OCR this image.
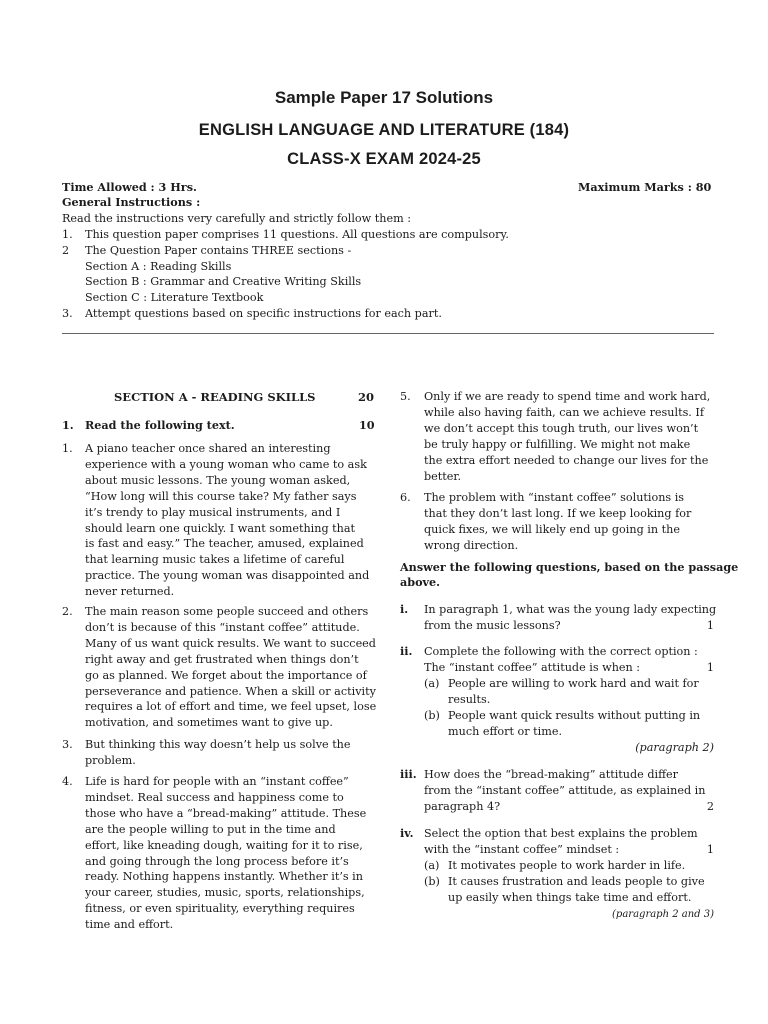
Sample Paper 17 Solutions
ENGLISH LANGUAGE AND LITERATURE (184)
CLASS-X EXAM 2024-25
Time Allowed : 3 Hrs.	Maximum Marks : 80
General Instructions :
Read the instructions very carefully and strictly follow them :
1. This question paper comprises 11 questions. All questions are compulsory.
2 The Question Paper contains THREE sections -
Section A : Reading Skills
Section B : Grammar and Creative Writing Skills
Section C : Literature Textbook
3. Attempt questions based on specific instructions for each part.
SECTION A - READING SKILLS	20
1. Read the following text.	10
1. A piano teacher once shared an interesting
experience with a young woman who came to ask
about music lessons. The young woman asked,
“How long will this course take? My father says
it’s trendy to play musical instruments, and I
should learn one quickly. I want something that
is fast and easy.” The teacher, amused, explained
that learning music takes a lifetime of careful
practice. The young woman was disappointed and
never returned.
2. The main reason some people succeed and others
don’t is because of this “instant coffee” attitude.
Many of us want quick results. We want to succeed
right away and get frustrated when things don’t
go as planned. We forget about the importance of
perseverance and patience. When a skill or activity
requires a lot of effort and time, we feel upset, lose
motivation, and sometimes want to give up.
3. But thinking this way doesn’t help us solve the
problem.
4. Life is hard for people with an “instant coffee”
mindset. Real success and happiness come to
those who have a “bread-making” attitude. These
are the people willing to put in the time and
effort, like kneading dough, waiting for it to rise,
and going through the long process before it’s
ready. Nothing happens instantly. Whether it’s in
your career, studies, music, sports, relationships,
fitness, or even spirituality, everything requires
time and effort.
5. Only if we are ready to spend time and work hard,
while also having faith, can we achieve results. If
we don’t accept this tough truth, our lives won’t
be truly happy or fulfilling. We might not make
the extra effort needed to change our lives for the
better.
6. The problem with “instant coffee” solutions is
that they don’t last long. If we keep looking for
quick fixes, we will likely end up going in the
wrong direction.
Answer the following questions, based on the passage
above.
i. In paragraph 1, what was the young lady expecting
from the music lessons?	1
ii. Complete the following with the correct option :
The “instant coffee” attitude is when :	1
(a) People are willing to work hard and wait for
results.
(b) People want quick results without putting in
much effort or time.
(paragraph 2)
iii. How does the “bread-making” attitude differ
from the “instant coffee” attitude, as explained in
paragraph 4?	2
iv. Select the option that best explains the problem
with the “instant coffee” mindset :	1
(a) It motivates people to work harder in life.
(b) It causes frustration and leads people to give
up easily when things take time and effort.
(paragraph 2 and 3)
